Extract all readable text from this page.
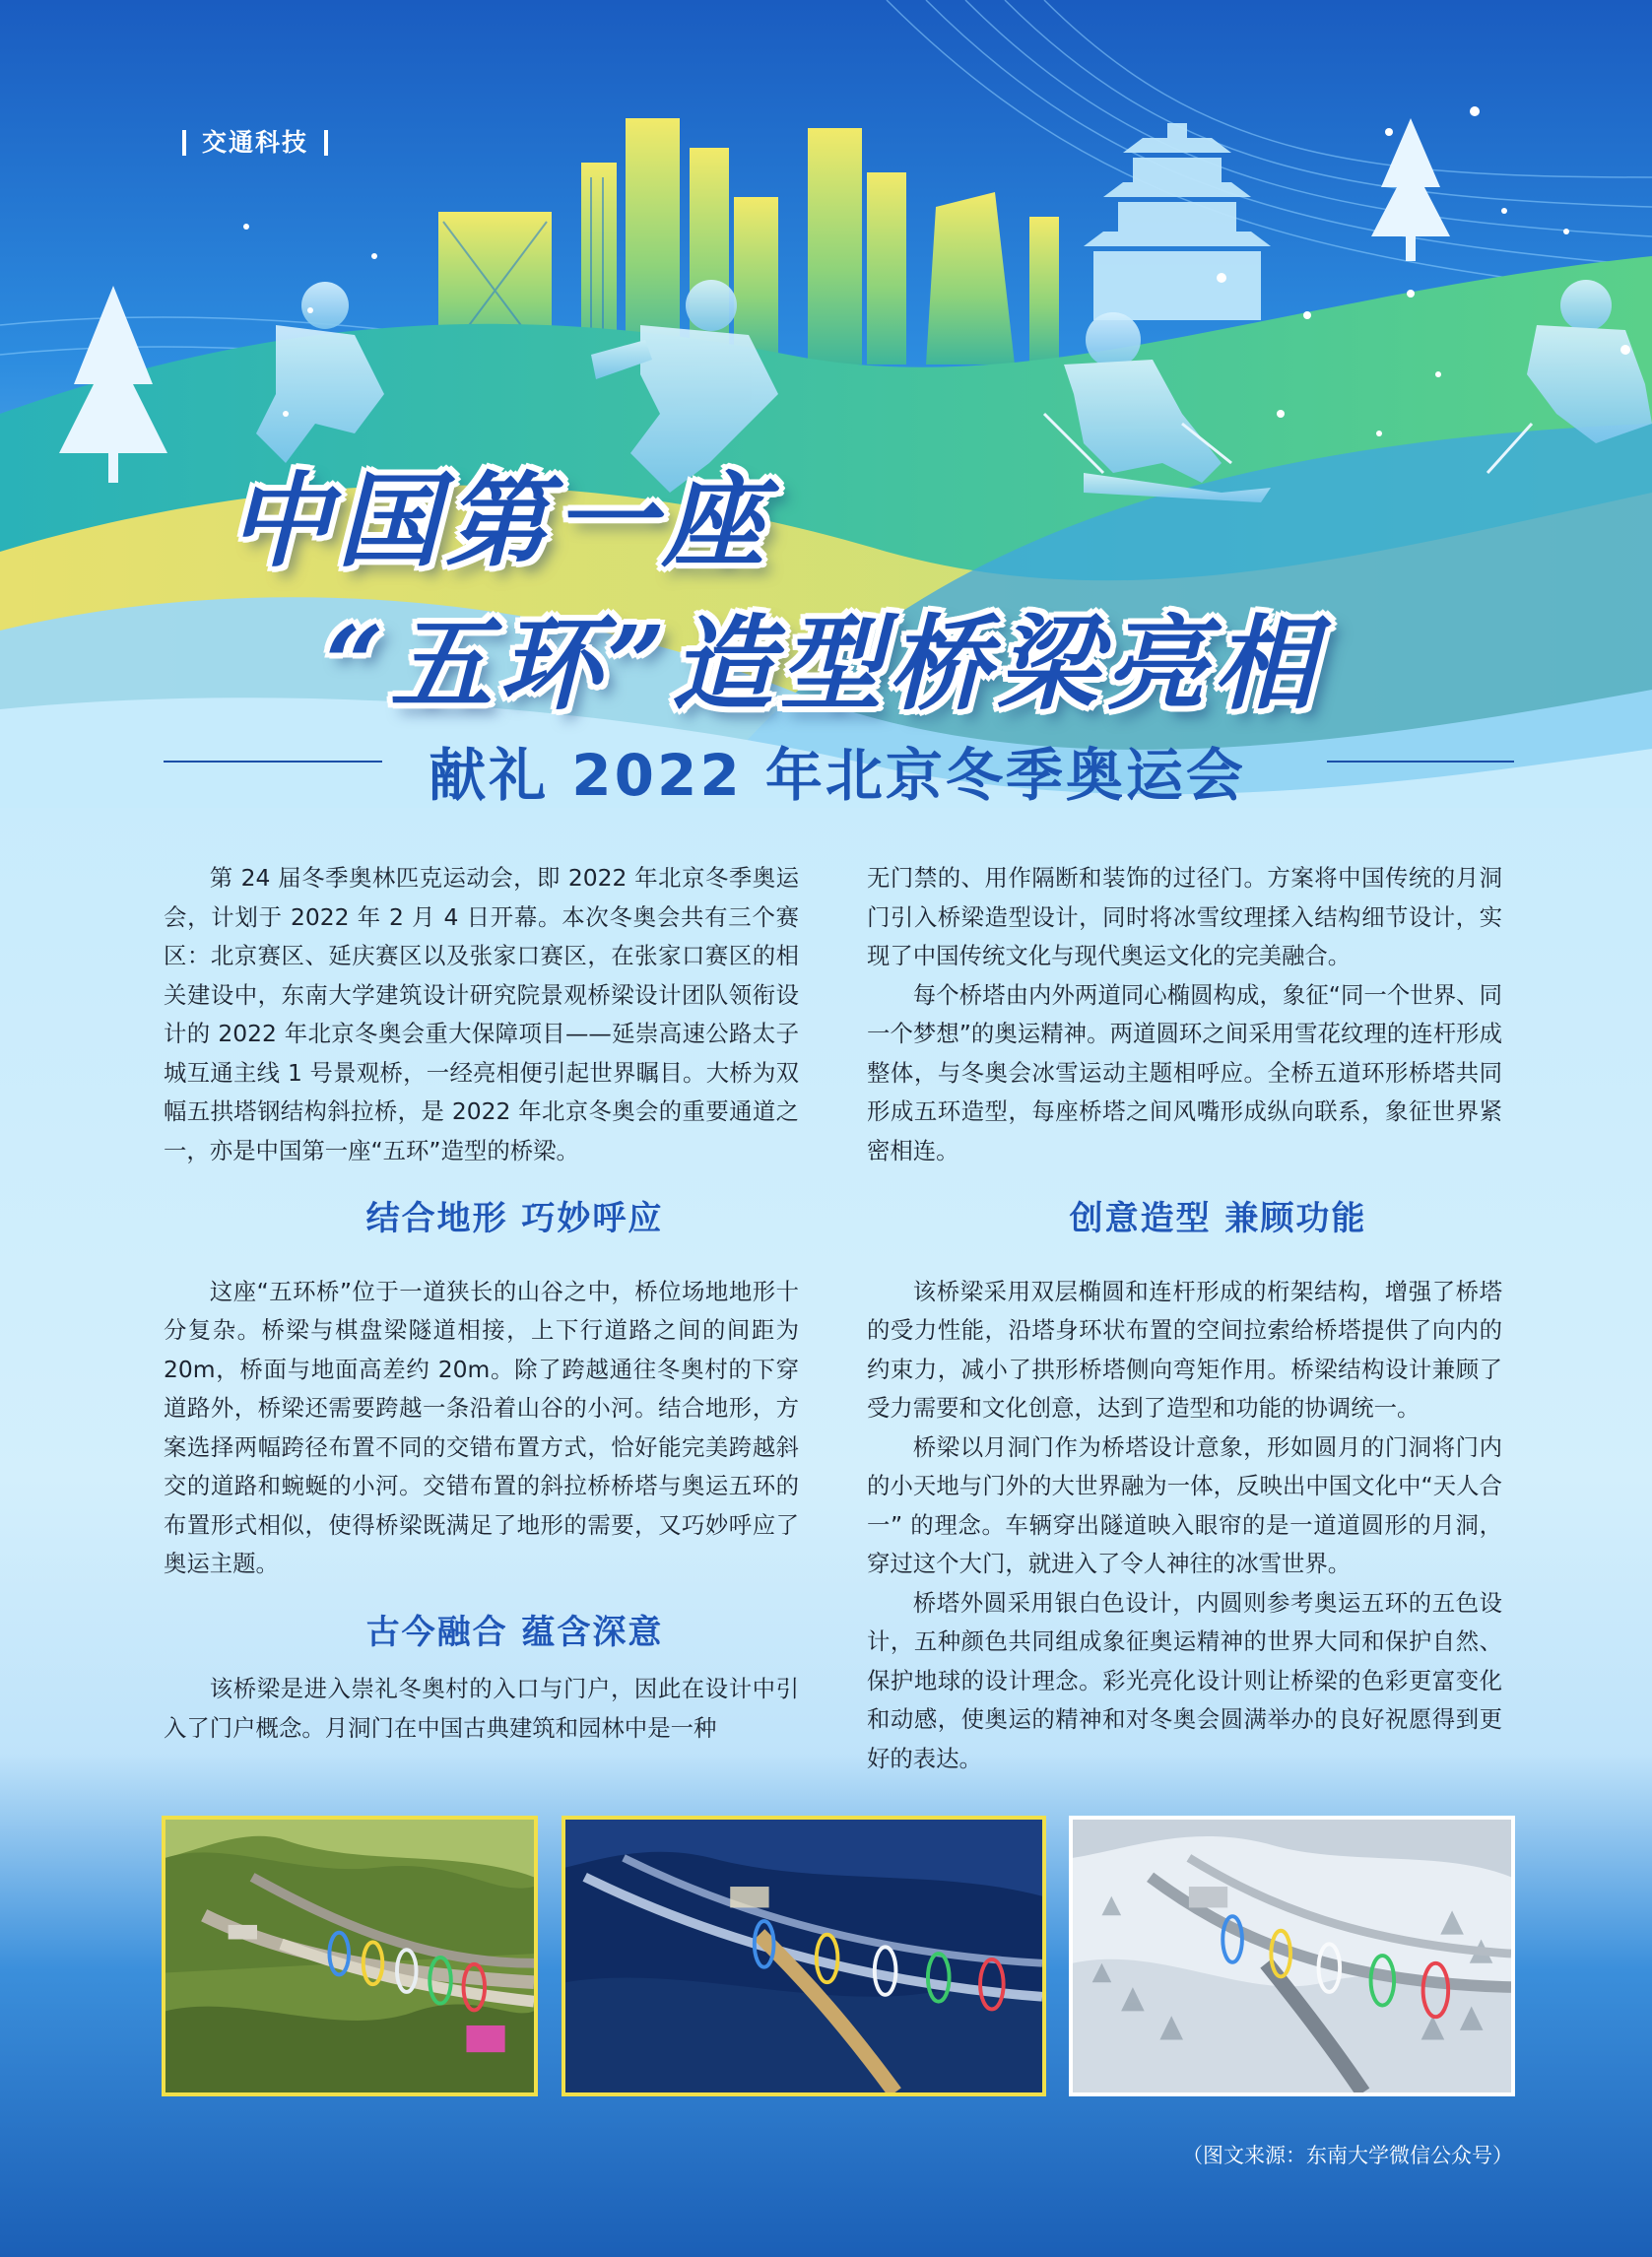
交通科技
中国第一座
“五环”造型桥梁亮相
献礼 2022 年北京冬季奥运会

第 24 届冬季奥林匹克运动会，即 2022 年北京冬季奥运会，计划于 2022 年 2 月 4 日开幕。本次冬奥会共有三个赛区：北京赛区、延庆赛区以及张家口赛区，在张家口赛区的相关建设中，东南大学建筑设计研究院景观桥梁设计团队领衔设计的 2022 年北京冬奥会重大保障项目——延崇高速公路太子城互通主线 1 号景观桥，一经亮相便引起世界瞩目。大桥为双幅五拱塔钢结构斜拉桥，是 2022 年北京冬奥会的重要通道之一，亦是中国第一座“五环”造型的桥梁。

结合地形 巧妙呼应

这座“五环桥”位于一道狭长的山谷之中，桥位场地地形十分复杂。桥梁与棋盘梁隧道相接，上下行道路之间的间距为 20m，桥面与地面高差约 20m。除了跨越通往冬奥村的下穿道路外，桥梁还需要跨越一条沿着山谷的小河。结合地形，方案选择两幅跨径布置不同的交错布置方式，恰好能完美跨越斜交的道路和蜿蜒的小河。交错布置的斜拉桥桥塔与奥运五环的布置形式相似，使得桥梁既满足了地形的需要，又巧妙呼应了奥运主题。

古今融合 蕴含深意

该桥梁是进入崇礼冬奥村的入口与门户，因此在设计中引入了门户概念。月洞门在中国古典建筑和园林中是一种

无门禁的、用作隔断和装饰的过径门。方案将中国传统的月洞门引入桥梁造型设计，同时将冰雪纹理揉入结构细节设计，实现了中国传统文化与现代奥运文化的完美融合。

每个桥塔由内外两道同心椭圆构成，象征“同一个世界、同一个梦想”的奥运精神。两道圆环之间采用雪花纹理的连杆形成整体，与冬奥会冰雪运动主题相呼应。全桥五道环形桥塔共同形成五环造型，每座桥塔之间风嘴形成纵向联系，象征世界紧密相连。

创意造型 兼顾功能

该桥梁采用双层椭圆和连杆形成的桁架结构，增强了桥塔的受力性能，沿塔身环状布置的空间拉索给桥塔提供了向内的约束力，减小了拱形桥塔侧向弯矩作用。桥梁结构设计兼顾了受力需要和文化创意，达到了造型和功能的协调统一。

桥梁以月洞门作为桥塔设计意象，形如圆月的门洞将门内的小天地与门外的大世界融为一体，反映出中国文化中“天人合一” 的理念。车辆穿出隧道映入眼帘的是一道道圆形的月洞，穿过这个大门，就进入了令人神往的冰雪世界。

桥塔外圆采用银白色设计，内圆则参考奥运五环的五色设计，五种颜色共同组成象征奥运精神的世界大同和保护自然、保护地球的设计理念。彩光亮化设计则让桥梁的色彩更富变化和动感，使奥运的精神和对冬奥会圆满举办的良好祝愿得到更好的表达。

（图文来源：东南大学微信公众号）
